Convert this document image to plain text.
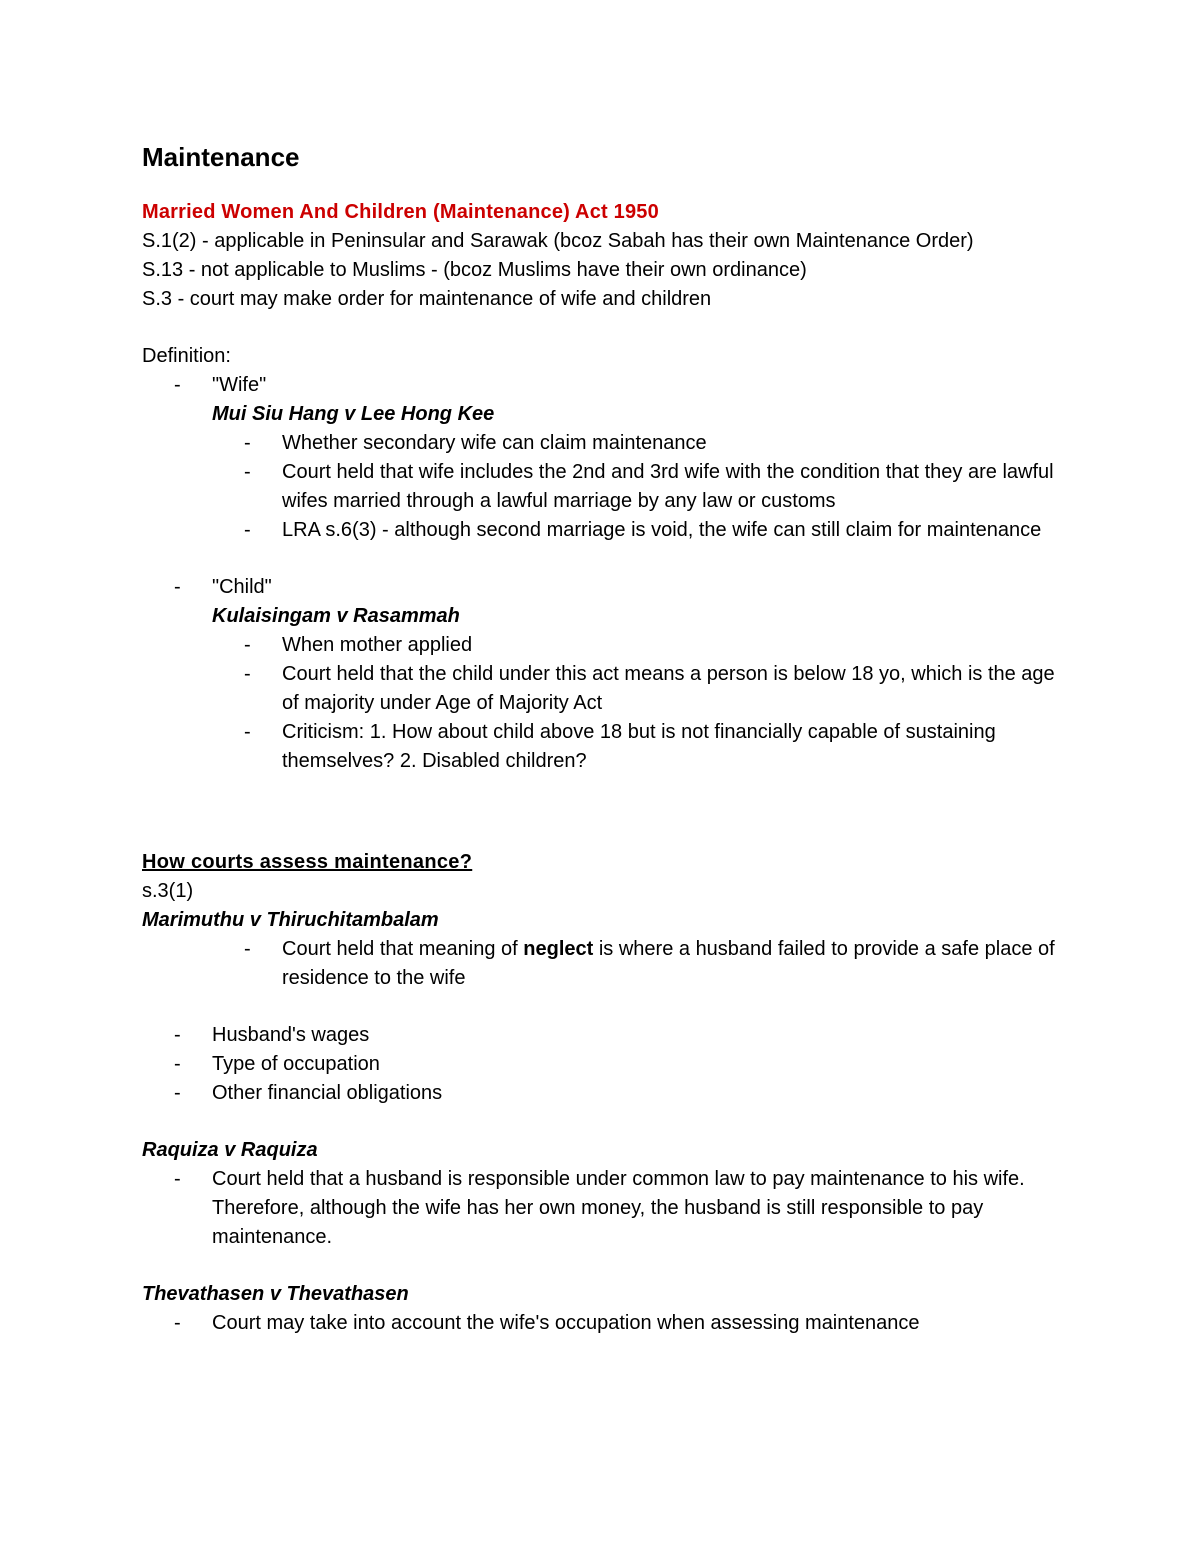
Maintenance
Married Women And Children (Maintenance) Act 1950
S.1(2) - applicable in Peninsular and Sarawak (bcoz Sabah has their own Maintenance Order)
S.13 - not applicable to Muslims - (bcoz Muslims have their own ordinance)
S.3 - court may make order for maintenance of wife and children
Definition:
-	"Wife"
Mui Siu Hang v Lee Hong Kee
-	Whether secondary wife can claim maintenance
-	Court held that wife includes the 2nd and 3rd wife with the condition that they are lawful wifes married through a lawful marriage by any law or customs
-	LRA s.6(3) - although second marriage is void, the wife can still claim for maintenance
-	"Child"
Kulaisingam v Rasammah
-	When mother applied
-	Court held that the child under this act means a person is below 18 yo, which is the age of majority under Age of Majority Act
-	Criticism: 1. How about child above 18 but is not financially capable of sustaining themselves? 2. Disabled children?
How courts assess maintenance?
s.3(1)
Marimuthu v Thiruchitambalam
-	Court held that meaning of neglect is where a husband failed to provide a safe place of residence to the wife
-	Husband's wages
-	Type of occupation
-	Other financial obligations
Raquiza v Raquiza
-	Court held that a husband is responsible under common law to pay maintenance to his wife. Therefore, although the wife has her own money, the husband is still responsible to pay maintenance.
Thevathasen v Thevathasen
-	Court may take into account the wife's occupation when assessing maintenance
